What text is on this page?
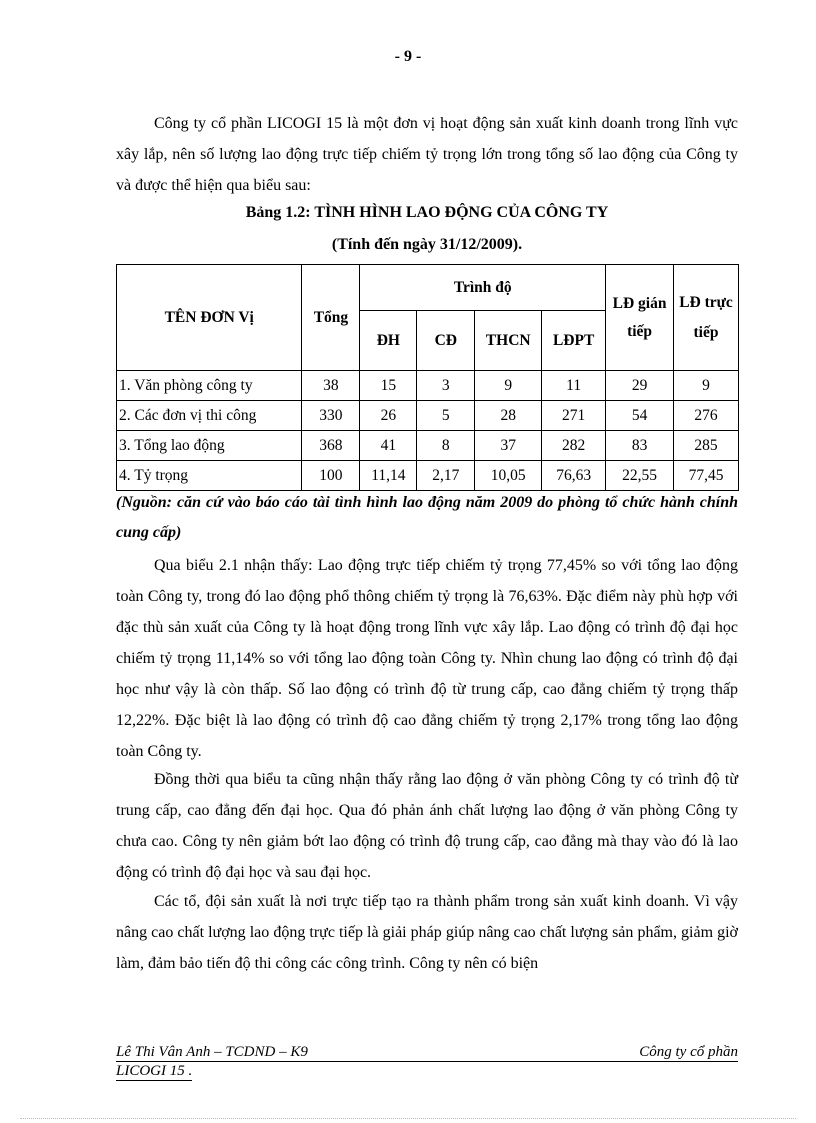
- 9 -

Công ty cổ phần LICOGI 15 là một đơn vị hoạt động sản xuất kinh doanh trong lĩnh vực xây lắp, nên số lượng lao động trực tiếp chiếm tỷ trọng lớn trong tổng số lao động của Công ty và được thể hiện qua biểu sau:

Bảng 1.2: TÌNH HÌNH LAO ĐỘNG CỦA CÔNG TY
(Tính đến ngày 31/12/2009).
TÊN ĐƠN Vị	Tổng	Trình độ				LĐ gián tiếp	LĐ trực tiếp
		ĐH	CĐ	THCN	LĐPT		
1. Văn phòng công ty	38	15	3	9	11	29	9
2. Các đơn vị thi công	330	26	5	28	271	54	276
3. Tổng lao động	368	41	8	37	282	83	285
4. Tỷ trọng	100	11,14	2,17	10,05	76,63	22,55	77,45

(Nguồn: căn cứ vào báo cáo tài tình hình lao động năm 2009 do phòng tổ chức hành chính cung cấp)

Qua biểu 2.1 nhận thấy: Lao động trực tiếp chiếm tỷ trọng 77,45% so với tổng lao động toàn Công ty, trong đó lao động phổ thông chiếm tỷ trọng là 76,63%. Đặc điểm này phù hợp với đặc thù sản xuất của Công ty là hoạt động trong lĩnh vực xây lắp. Lao động có trình độ đại học chiếm tỷ trọng 11,14% so với tổng lao động toàn Công ty. Nhìn chung lao động có trình độ đại học như vậy là còn thấp. Số lao động có trình độ từ trung cấp, cao đẳng chiếm tỷ trọng thấp 12,22%. Đặc biệt là lao động có trình độ cao đẳng chiếm tỷ trọng 2,17% trong tổng lao động toàn Công ty.

Đồng thời qua biểu ta cũng nhận thấy rằng lao động ở văn phòng Công ty có trình độ từ trung cấp, cao đẳng đến đại học. Qua đó phản ánh chất lượng lao động ở văn phòng Công ty chưa cao. Công ty nên giảm bớt lao động có trình độ trung cấp, cao đẳng mà thay vào đó là lao động có trình độ đại học và sau đại học.

Các tổ, đội sản xuất là nơi trực tiếp tạo ra thành phẩm trong sản xuất kinh doanh. Vì vậy nâng cao chất lượng lao động trực tiếp là giải pháp giúp nâng cao chất lượng sản phẩm, giảm giờ làm, đảm bảo tiến độ thi công các công trình. Công ty nên có biện

Lê Thi Vân Anh – TCDND – K9	Công ty cổ phần
LICOGI 15 .
